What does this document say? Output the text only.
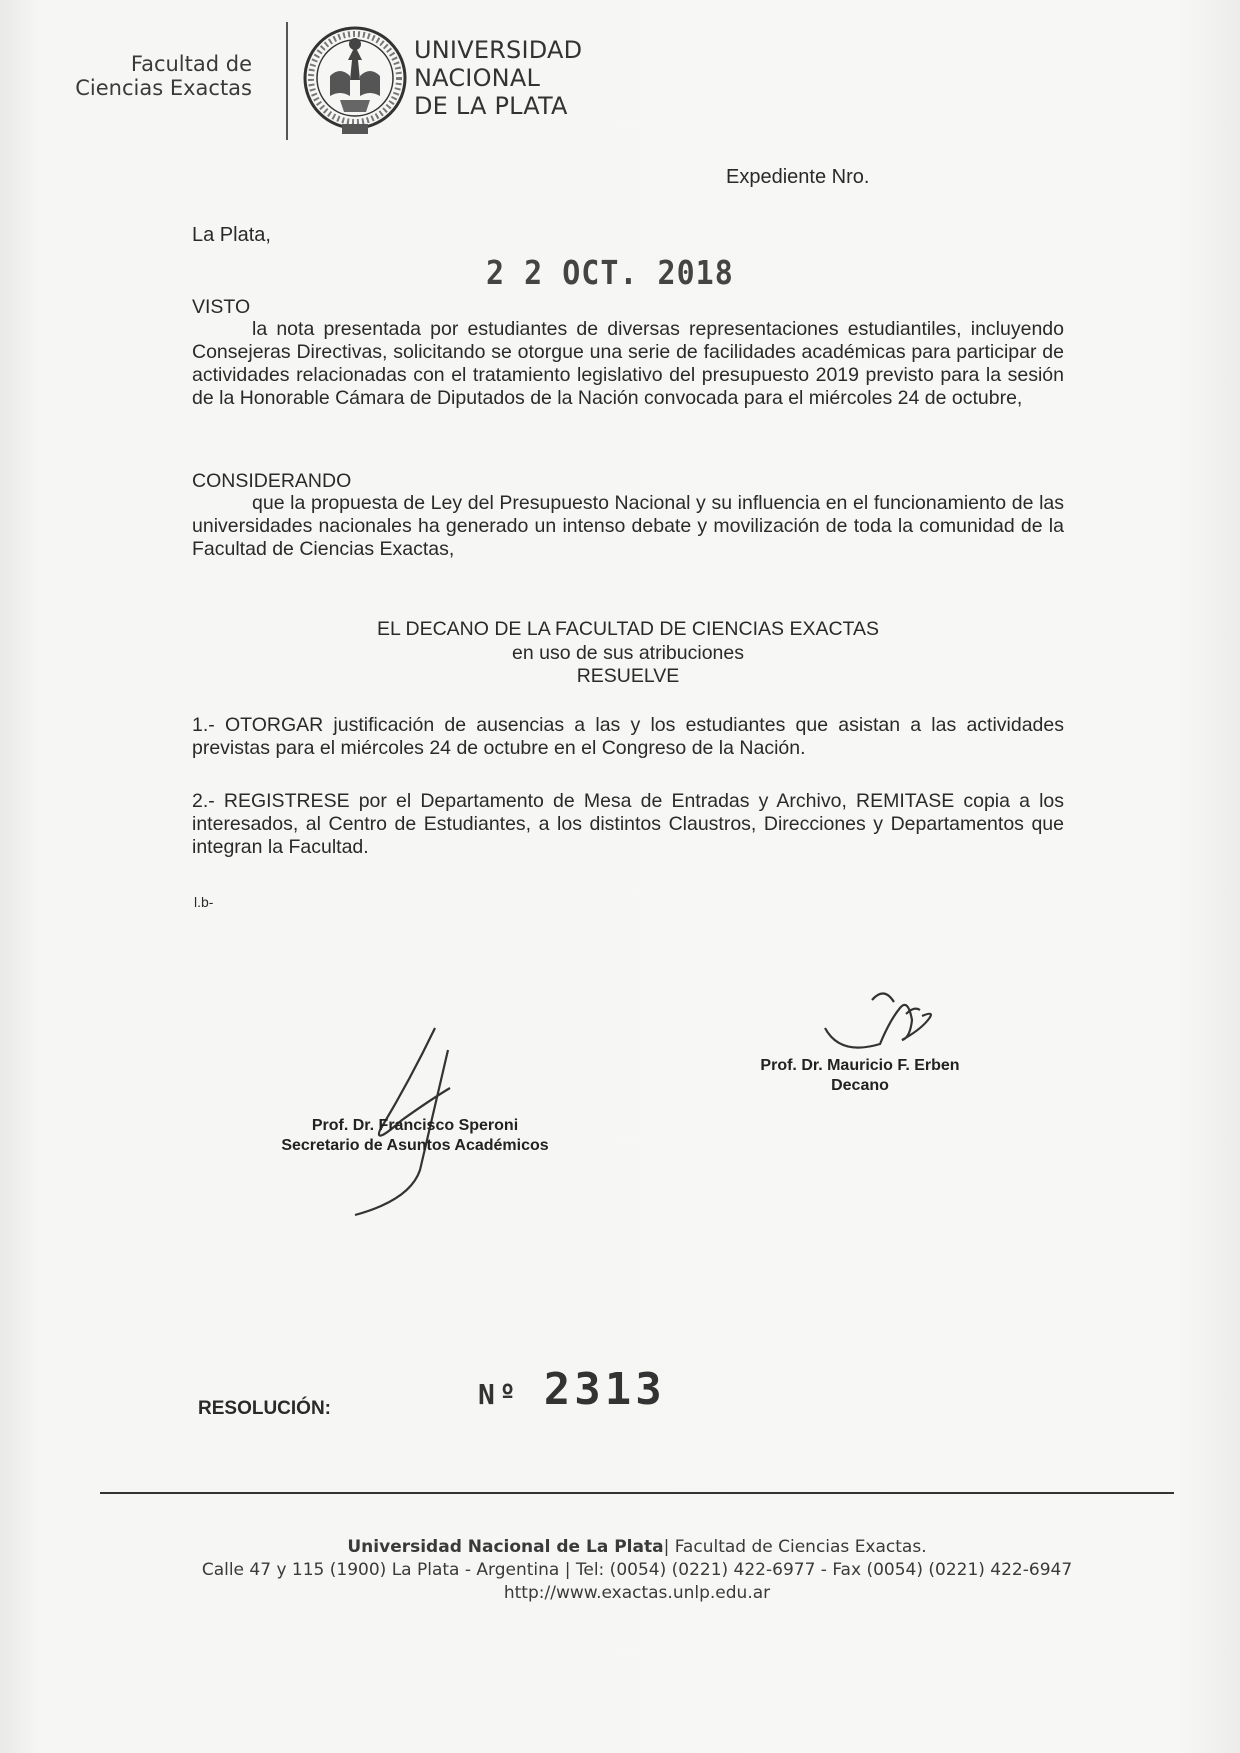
Facultad de
Ciencias Exactas
UNIVERSIDAD
NACIONAL
DE LA PLATA
Expediente Nro.
La Plata,
2 2 OCT. 2018
VISTO
la nota presentada por estudiantes de diversas representaciones estudiantiles, incluyendo Consejeras Directivas, solicitando se otorgue una serie de facilidades académicas para participar de actividades relacionadas con el tratamiento legislativo del presupuesto 2019 previsto para la sesión de la Honorable Cámara de Diputados de la Nación convocada para el miércoles 24 de octubre,
CONSIDERANDO
que la propuesta de Ley del Presupuesto Nacional y su influencia en el funcionamiento de las universidades nacionales ha generado un intenso debate y movilización de toda la comunidad de la Facultad de Ciencias Exactas,
EL DECANO DE LA FACULTAD DE CIENCIAS EXACTAS
en uso de sus atribuciones
RESUELVE
1.- OTORGAR justificación de ausencias a las y los estudiantes que asistan a las actividades previstas para el miércoles 24 de octubre en el Congreso de la Nación.
2.- REGISTRESE por el Departamento de Mesa de Entradas y Archivo, REMITASE copia a los interesados, al Centro de Estudiantes, a los distintos Claustros, Direcciones y Departamentos que integran la Facultad.
l.b-
Prof. Dr. Mauricio F. Erben
Decano
Prof. Dr. Francisco Speroni
Secretario de Asuntos Académicos
RESOLUCIÓN:	Nº 2313
Universidad Nacional de La Plata| Facultad de Ciencias Exactas.
Calle 47 y 115 (1900) La Plata - Argentina | Tel: (0054) (0221) 422-6977 - Fax (0054) (0221) 422-6947
http://www.exactas.unlp.edu.ar
